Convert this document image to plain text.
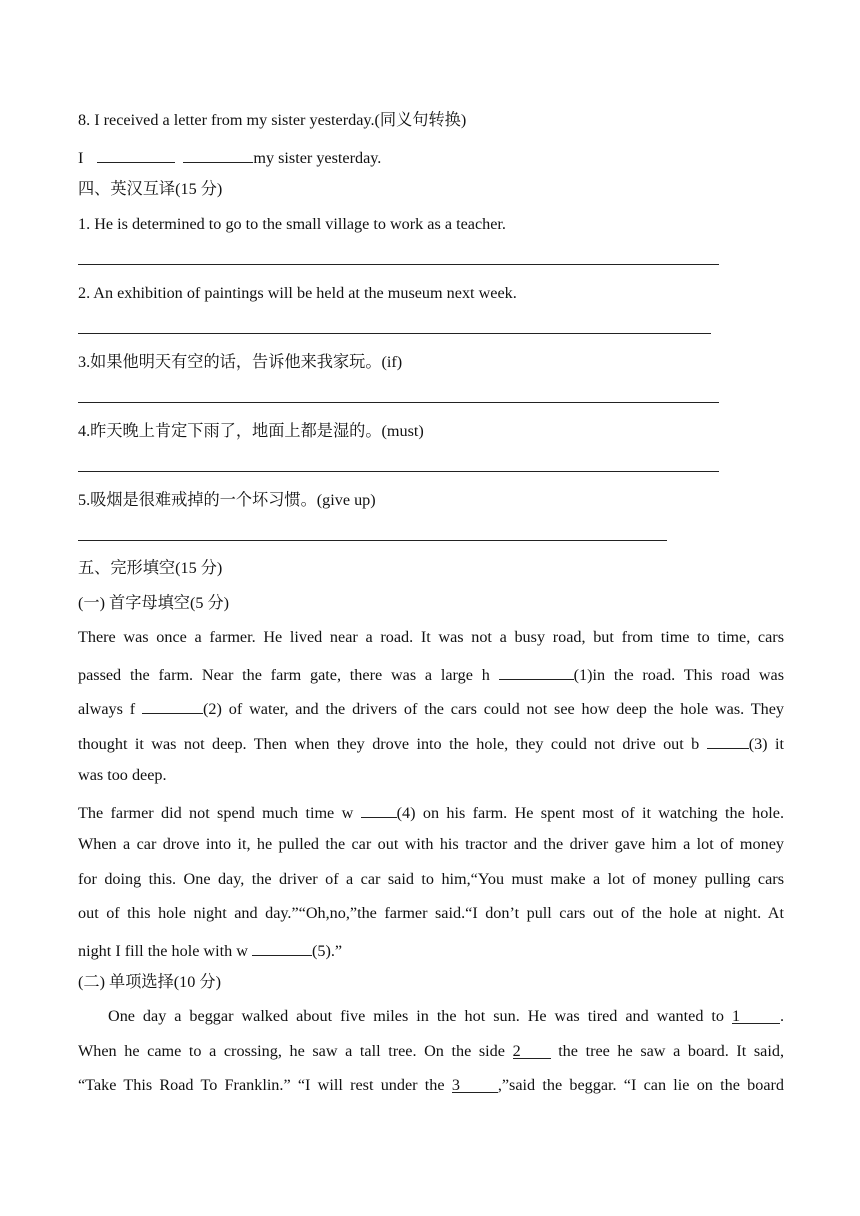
8. I received a letter from my sister yesterday.(同义句转换)
I	my sister yesterday.
四、英汉互译(15 分)
1. He is determined to go to the small village to work as a teacher.
2. An exhibition of paintings will be held at the museum next week.
3.如果他明天有空的话，告诉他来我家玩。(if)
4.昨天晚上肯定下雨了，地面上都是湿的。(must)
5.吸烟是很难戒掉的一个坏习惯。(give up)
五、完形填空(15 分)
(一) 首字母填空(5 分)
There was once a farmer. He lived near a road. It was not a busy road, but from time to time, cars
passed the farm. Near the farm gate, there was a large h	(1)in the road. This road was
always f	(2) of water, and the drivers of the cars could not see how deep the hole was. They
thought it was not deep. Then when they drove into the hole, they could not drive out b	(3) it
was too deep.
The farmer did not spend much time w	(4) on his farm. He spent most of it watching the hole.
When a car drove into it, he pulled the car out with his tractor and the driver gave him a lot of money
for doing this. One day, the driver of a car said to him,“You must make a lot of money pulling cars
out of this hole night and day.”“Oh,no,”the farmer said.“I don’t pull cars out of the hole at night. At
night I fill the hole with w	(5).”
(二) 单项选择(10 分)
One day a beggar walked about five miles in the hot sun. He was tired and wanted to 1 .
When he came to a crossing, he saw a tall tree. On the side 2 the tree he saw a board. It said,
“Take This Road To Franklin.” “I will rest under the 3 ,”said the beggar. “I can lie on the board
